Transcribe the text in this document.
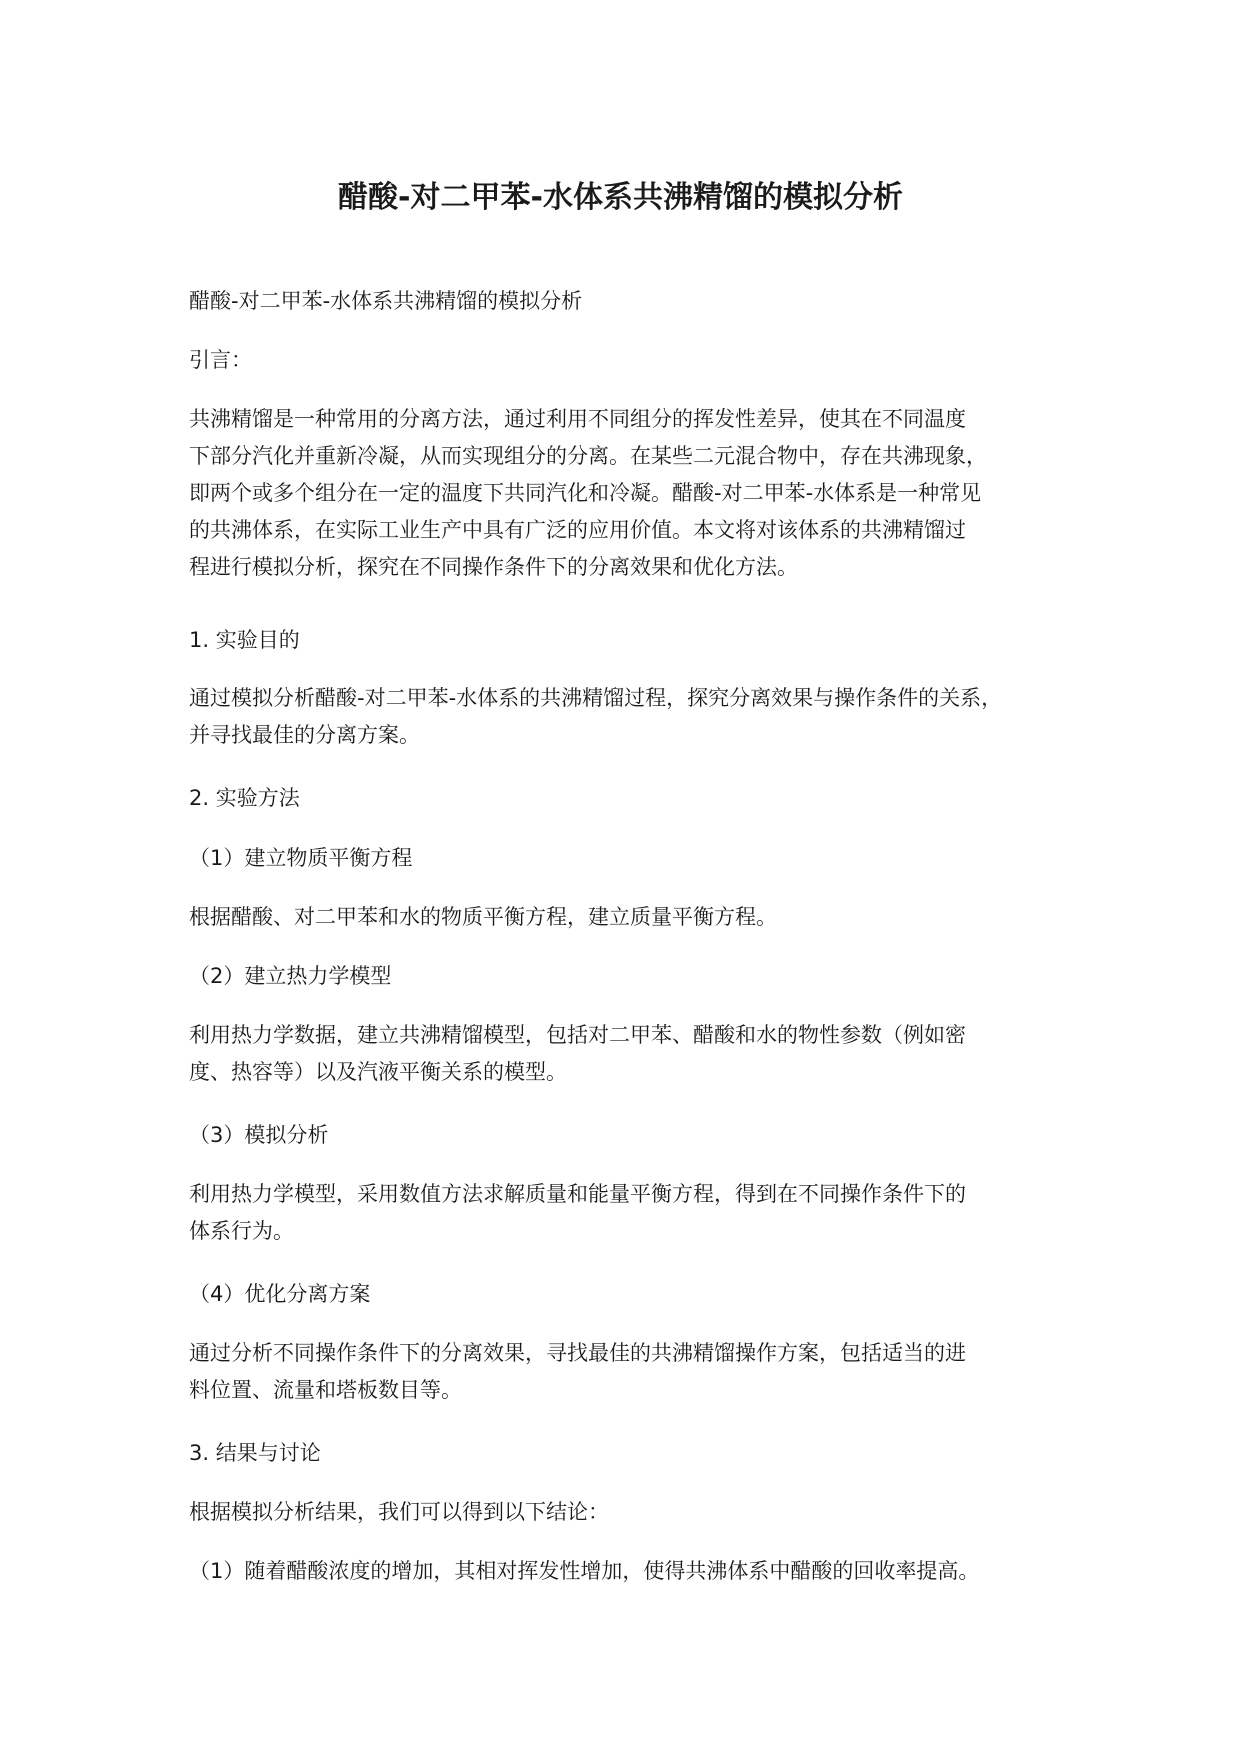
醋酸-对二甲苯-水体系共沸精馏的模拟分析

醋酸-对二甲苯-水体系共沸精馏的模拟分析

引言：

共沸精馏是一种常用的分离方法，通过利用不同组分的挥发性差异，使其在不同温度
下部分汽化并重新冷凝，从而实现组分的分离。在某些二元混合物中，存在共沸现象，
即两个或多个组分在一定的温度下共同汽化和冷凝。醋酸-对二甲苯-水体系是一种常见
的共沸体系，在实际工业生产中具有广泛的应用价值。本文将对该体系的共沸精馏过
程进行模拟分析，探究在不同操作条件下的分离效果和优化方法。

1. 实验目的

通过模拟分析醋酸-对二甲苯-水体系的共沸精馏过程，探究分离效果与操作条件的关系，
并寻找最佳的分离方案。

2. 实验方法

（1）建立物质平衡方程

根据醋酸、对二甲苯和水的物质平衡方程，建立质量平衡方程。

（2）建立热力学模型

利用热力学数据，建立共沸精馏模型，包括对二甲苯、醋酸和水的物性参数（例如密
度、热容等）以及汽液平衡关系的模型。

（3）模拟分析

利用热力学模型，采用数值方法求解质量和能量平衡方程，得到在不同操作条件下的
体系行为。

（4）优化分离方案

通过分析不同操作条件下的分离效果，寻找最佳的共沸精馏操作方案，包括适当的进
料位置、流量和塔板数目等。

3. 结果与讨论

根据模拟分析结果，我们可以得到以下结论：

（1）随着醋酸浓度的增加，其相对挥发性增加，使得共沸体系中醋酸的回收率提高。
